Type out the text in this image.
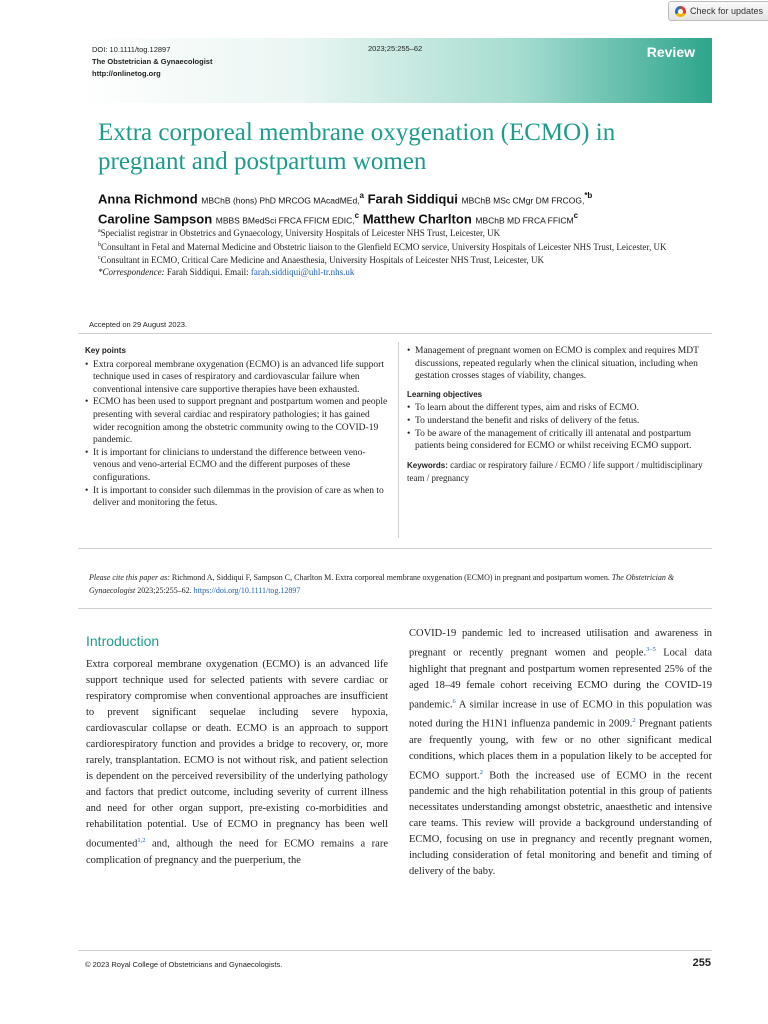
Check for updates
DOI: 10.1111/tog.12897
The Obstetrician & Gynaecologist
http://onlinetog.org
2023;25:255–62	Review
Extra corporeal membrane oxygenation (ECMO) in pregnant and postpartum women
Anna Richmond MBChB (hons) PhD MRCOG MAcadMEd,$^a$ Farah Siddiqui MBChB MSc CMgr DM FRCOG,$^{*b}$
Caroline Sampson MBBS BMedSci FRCA FFICM EDIC,$^c$ Matthew Charlton MBChB MD FRCA FFICM$^c$
$^a$Specialist registrar in Obstetrics and Gynaecology, University Hospitals of Leicester NHS Trust, Leicester, UK
$^b$Consultant in Fetal and Maternal Medicine and Obstetric liaison to the Glenfield ECMO service, University Hospitals of Leicester NHS Trust, Leicester, UK
$^c$Consultant in ECMO, Critical Care Medicine and Anaesthesia, University Hospitals of Leicester NHS Trust, Leicester, UK
*Correspondence: Farah Siddiqui. Email: farah.siddiqui@uhl-tr.nhs.uk
Accepted on 29 August 2023.
Key points
• Extra corporeal membrane oxygenation (ECMO) is an advanced life support technique used in cases of respiratory and cardiovascular failure when conventional intensive care supportive therapies have been exhausted.
• ECMO has been used to support pregnant and postpartum women and people presenting with several cardiac and respiratory pathologies; it has gained wider recognition among the obstetric community owing to the COVID-19 pandemic.
• It is important for clinicians to understand the difference between veno-venous and veno-arterial ECMO and the different purposes of these configurations.
• It is important to consider such dilemmas in the provision of care as when to deliver and monitoring the fetus.
• Management of pregnant women on ECMO is complex and requires MDT discussions, repeated regularly when the clinical situation, including when gestation crosses stages of viability, changes.
Learning objectives
• To learn about the different types, aim and risks of ECMO.
• To understand the benefit and risks of delivery of the fetus.
• To be aware of the management of critically ill antenatal and postpartum patients being considered for ECMO or whilst receiving ECMO support.
Keywords: cardiac or respiratory failure / ECMO / life support / multidisciplinary team / pregnancy
Please cite this paper as: Richmond A, Siddiqui F, Sampson C, Charlton M. Extra corporeal membrane oxygenation (ECMO) in pregnant and postpartum women. The Obstetrician & Gynaecologist 2023;25:255–62. https://doi.org/10.1111/tog.12897
Introduction
Extra corporeal membrane oxygenation (ECMO) is an advanced life support technique used for selected patients with severe cardiac or respiratory compromise when conventional approaches are insufficient to prevent significant sequelae including severe hypoxia, cardiovascular collapse or death. ECMO is an approach to support cardiorespiratory function and provides a bridge to recovery, or, more rarely, transplantation. ECMO is not without risk, and patient selection is dependent on the perceived reversibility of the underlying pathology and factors that predict outcome, including severity of current illness and need for other organ support, pre-existing co-morbidities and rehabilitation potential. Use of ECMO in pregnancy has been well documented$^{1,2}$ and, although the need for ECMO remains a rare complication of pregnancy and the puerperium, the
COVID-19 pandemic led to increased utilisation and awareness in pregnant or recently pregnant women and people.$^{3-5}$ Local data highlight that pregnant and postpartum women represented 25% of the aged 18–49 female cohort receiving ECMO during the COVID-19 pandemic.$^6$ A similar increase in use of ECMO in this population was noted during the H1N1 influenza pandemic in 2009.$^2$ Pregnant patients are frequently young, with few or no other significant medical conditions, which places them in a population likely to be accepted for ECMO support.$^2$ Both the increased use of ECMO in the recent pandemic and the high rehabilitation potential in this group of patients necessitates understanding amongst obstetric, anaesthetic and intensive care teams. This review will provide a background understanding of ECMO, focusing on use in pregnancy and recently pregnant women, including consideration of fetal monitoring and benefit and timing of delivery of the baby.
© 2023 Royal College of Obstetricians and Gynaecologists.	255
